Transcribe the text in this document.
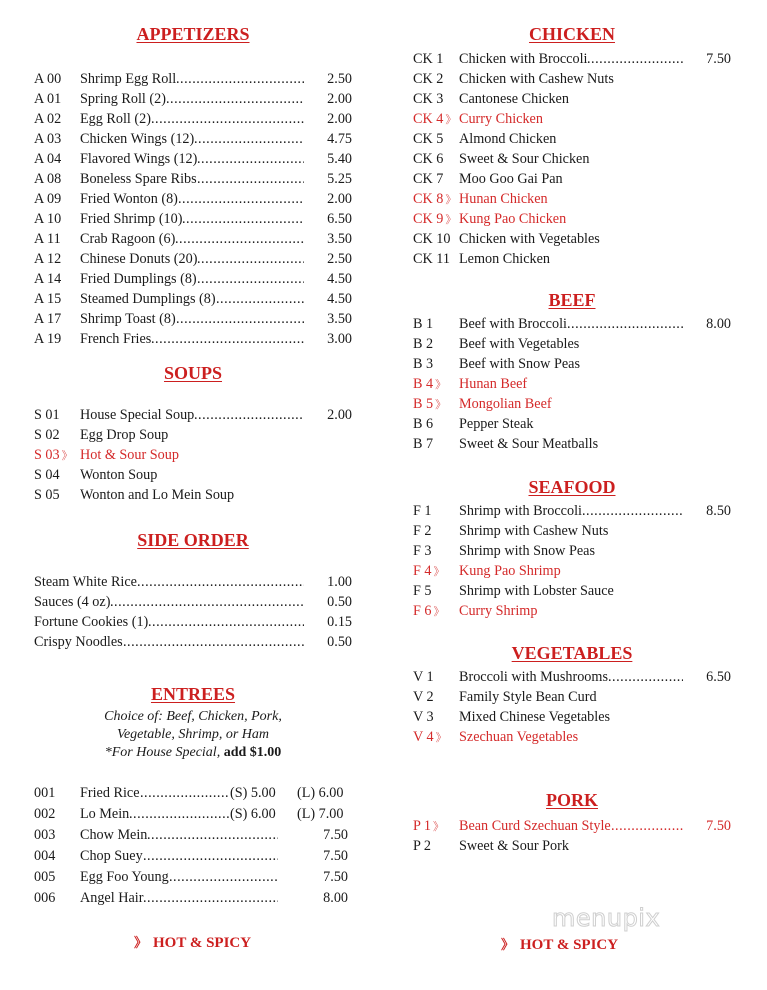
APPETIZERS
A 00	Shrimp Egg Roll .....	2.50
A 01	Spring Roll (2) .....	2.00
A 02	Egg Roll (2) .....	2.00
A 03	Chicken Wings (12) .....	4.75
A 04	Flavored Wings (12) .....	5.40
A 08	Boneless Spare Ribs .....	5.25
A 09	Fried Wonton (8) .....	2.00
A 10	Fried Shrimp (10) .....	6.50
A 11	Crab Ragoon (6) .....	3.50
A 12	Chinese Donuts (20) .....	2.50
A 14	Fried Dumplings (8) .....	4.50
A 15	Steamed Dumplings (8) .....	4.50
A 17	Shrimp Toast (8) .....	3.50
A 19	French Fries .....	3.00
SOUPS
S 01	House Special Soup .....	2.00
S 02	Egg Drop Soup
S 03 》 Hot & Sour Soup
S 04	Wonton Soup
S 05	Wonton and Lo Mein Soup
SIDE ORDER
Steam White Rice .....	1.00
Sauces (4 oz) .....	0.50
Fortune Cookies (1) .....	0.15
Crispy Noodles .....	0.50
ENTREES
Choice of: Beef, Chicken, Pork,
Vegetable, Shrimp, or Ham
*For House Special, add $1.00
001	Fried Rice .....	(S) 5.00 (L) 6.00
002	Lo Mein .....	(S) 6.00 (L) 7.00
003	Chow Mein .....	7.50
004	Chop Suey .....	7.50
005	Egg Foo Young .....	7.50
006	Angel Hair .....	8.00
》 HOT & SPICY
CHICKEN
CK 1	Chicken with Broccoli .....	7.50
CK 2	Chicken with Cashew Nuts
CK 3	Cantonese Chicken
CK 4 》 Curry Chicken
CK 5	Almond Chicken
CK 6	Sweet & Sour Chicken
CK 7	Moo Goo Gai Pan
CK 8 》 Hunan Chicken
CK 9 》 Kung Pao Chicken
CK 10 Chicken with Vegetables
CK 11 Lemon Chicken
BEEF
B 1	Beef with Broccoli .....	8.00
B 2	Beef with Vegetables
B 3	Beef with Snow Peas
B 4 》 Hunan Beef
B 5 》 Mongolian Beef
B 6	Pepper Steak
B 7	Sweet & Sour Meatballs
SEAFOOD
F 1	Shrimp with Broccoli .....	8.50
F 2	Shrimp with Cashew Nuts
F 3	Shrimp with Snow Peas
F 4 》	Kung Pao Shrimp
F 5	Shrimp with Lobster Sauce
F 6 》	Curry Shrimp
VEGETABLES
V 1	Broccoli with Mushrooms .....	6.50
V 2	Family Style Bean Curd
V 3	Mixed Chinese Vegetables
V 4 》 Szechuan Vegetables
PORK
P 1 》	Bean Curd Szechuan Style .....	7.50
P 2	Sweet & Sour Pork
》 HOT & SPICY
menupix
